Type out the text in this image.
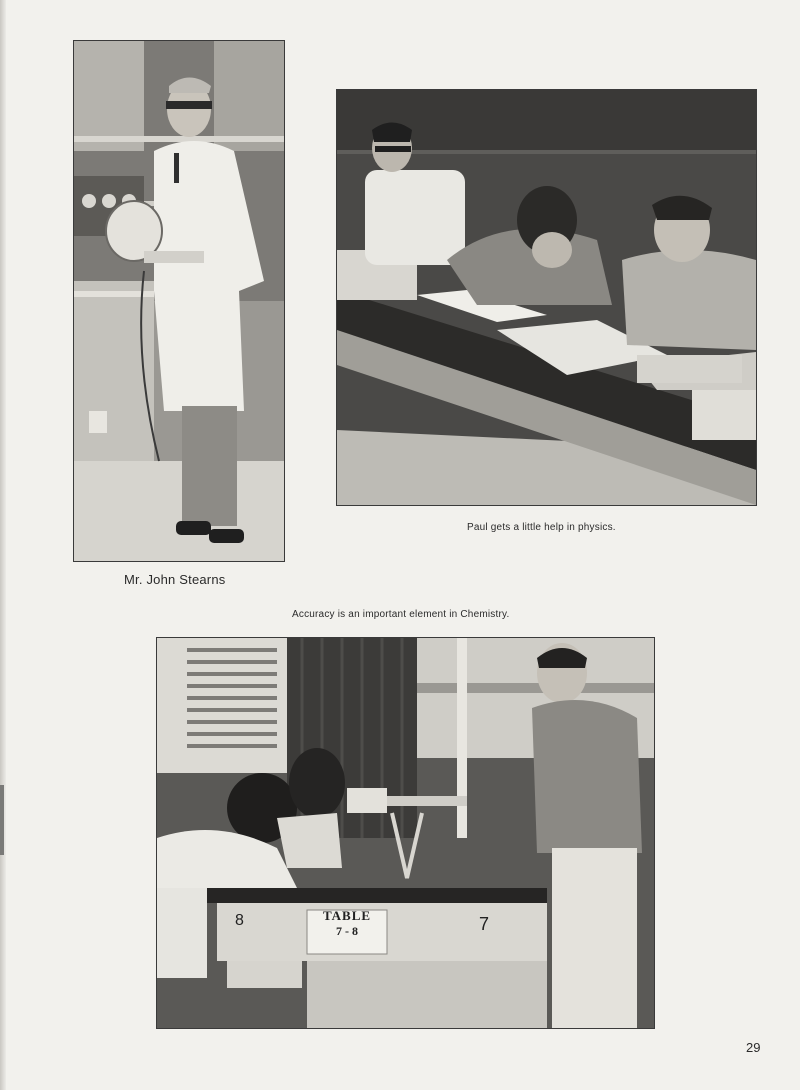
TABLE
7 - 8
8	7
Paul gets a little help in physics.
Mr. John Stearns
Accuracy is an important element in Chemistry.
29
